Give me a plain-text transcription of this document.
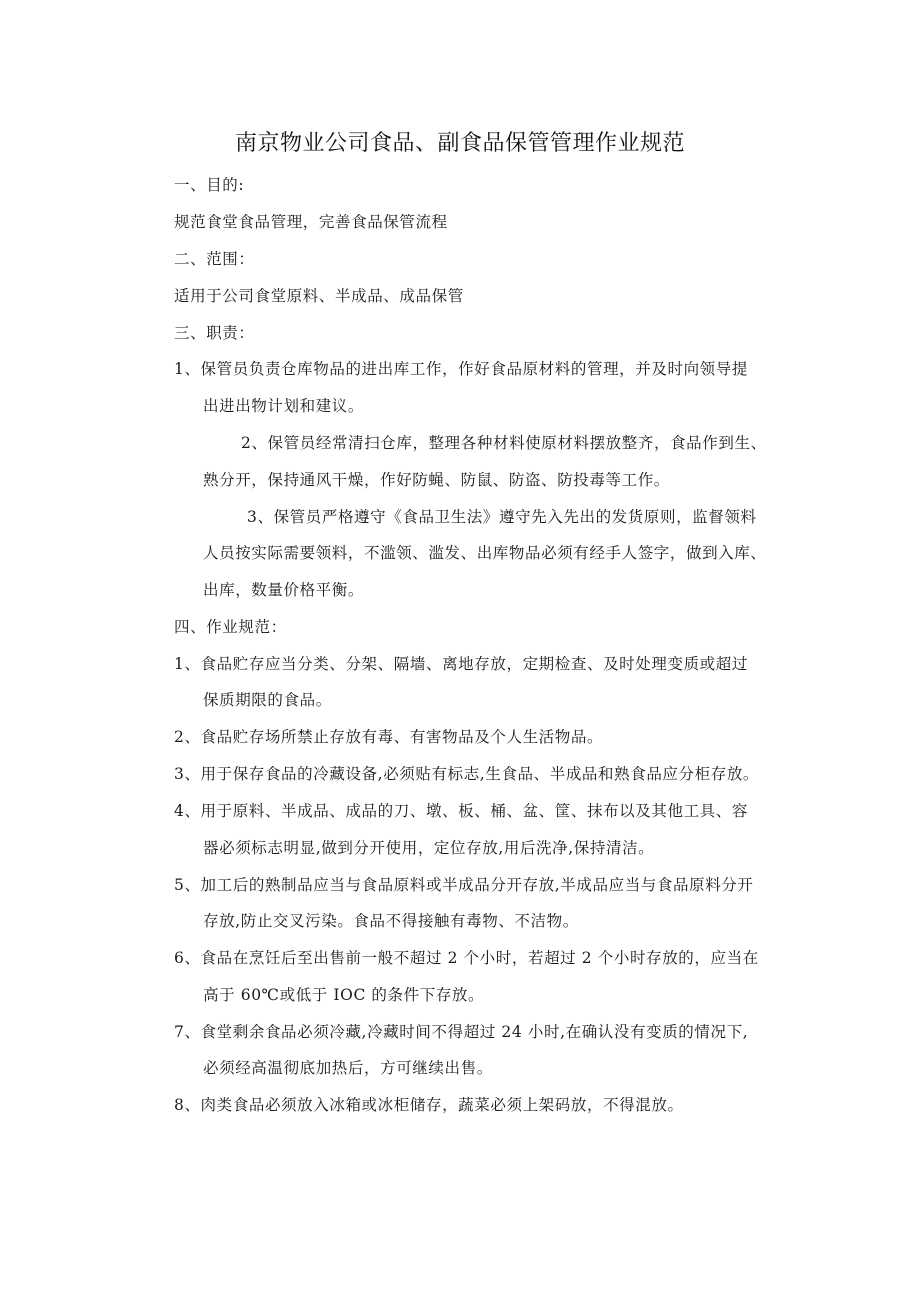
南京物业公司食品、副食品保管管理作业规范
一、目的:
规范食堂食品管理，完善食品保管流程
二、范围：
适用于公司食堂原料、半成品、成品保管
三、职责：
1、保管员负责仓库物品的进出库工作，作好食品原材料的管理，并及时向领导提
出进出物计划和建议。
2、保管员经常清扫仓库，整理各种材料使原材料摆放整齐，食品作到生、
熟分开，保持通风干燥，作好防蝇、防鼠、防盗、防投毒等工作。
3、保管员严格遵守《食品卫生法》遵守先入先出的发货原则，监督领料
人员按实际需要领料，不滥领、滥发、出库物品必须有经手人签字，做到入库、
出库，数量价格平衡。
四、作业规范：
1、食品贮存应当分类、分架、隔墙、离地存放，定期检查、及时处理变质或超过
保质期限的食品。
2、食品贮存场所禁止存放有毒、有害物品及个人生活物品。
3、用于保存食品的冷藏设备,必须贴有标志,生食品、半成品和熟食品应分柜存放。
4、用于原料、半成品、成品的刀、墩、板、桶、盆、筐、抹布以及其他工具、容
器必须标志明显,做到分开使用，定位存放,用后洗净,保持清洁。
5、加工后的熟制品应当与食品原料或半成品分开存放,半成品应当与食品原料分开
存放,防止交叉污染。食品不得接触有毒物、不洁物。
6、食品在烹饪后至出售前一般不超过 2 个小时，若超过 2 个小时存放的，应当在
高于 60℃或低于 IOC 的条件下存放。
7、食堂剩余食品必须冷藏,冷藏时间不得超过 24 小时,在确认没有变质的情况下,
必须经高温彻底加热后，方可继续出售。
8、肉类食品必须放入冰箱或冰柜储存，蔬菜必须上架码放，不得混放。
